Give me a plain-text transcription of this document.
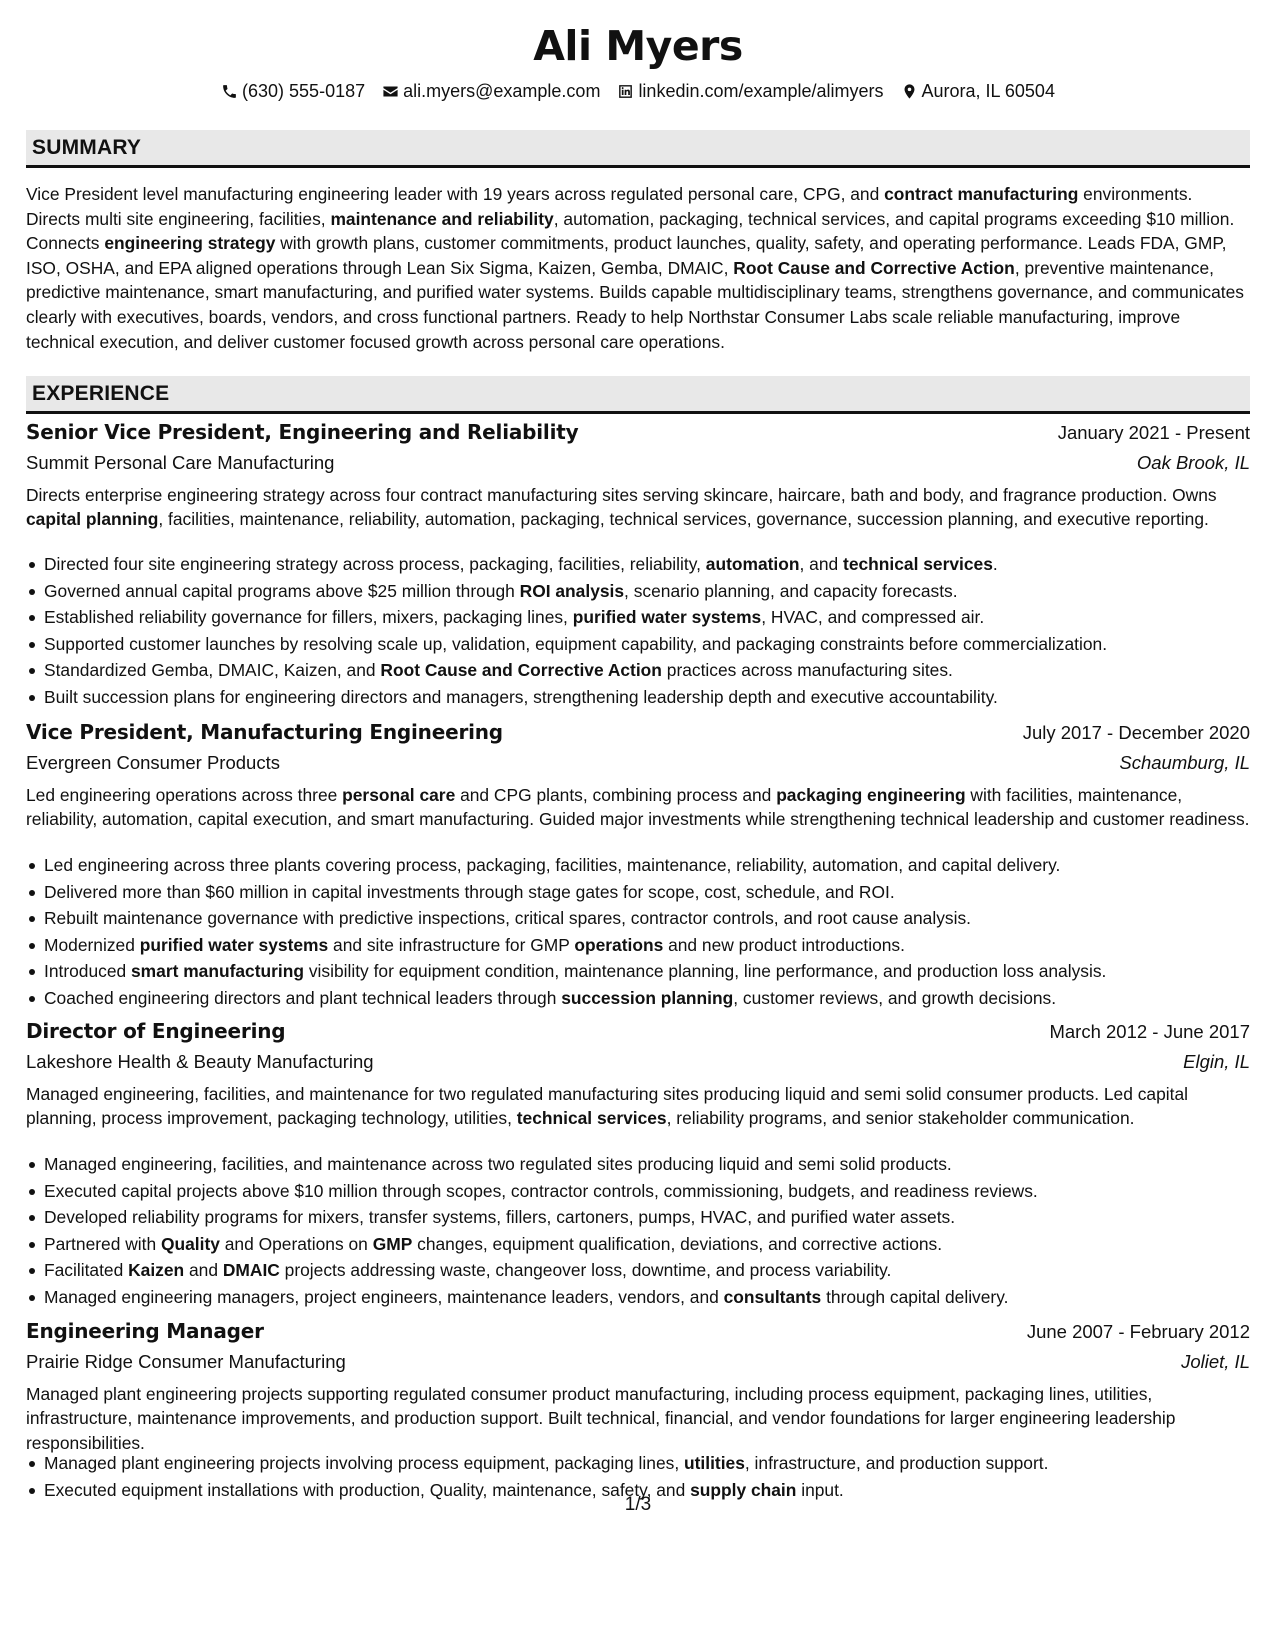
Ali Myers
(630) 555-0187 ali.myers@example.com linkedin.com/example/alimyers Aurora, IL 60504
SUMMARY

Vice President level manufacturing engineering leader with 19 years across regulated personal care, CPG, and contract manufacturing environments. Directs multi site engineering, facilities, maintenance and reliability, automation, packaging, technical services, and capital programs exceeding $10 million. Connects engineering strategy with growth plans, customer commitments, product launches, quality, safety, and operating performance. Leads FDA, GMP, ISO, OSHA, and EPA aligned operations through Lean Six Sigma, Kaizen, Gemba, DMAIC, Root Cause and Corrective Action, preventive maintenance, predictive maintenance, smart manufacturing, and purified water systems. Builds capable multidisciplinary teams, strengthens governance, and communicates clearly with executives, boards, vendors, and cross functional partners. Ready to help Northstar Consumer Labs scale reliable manufacturing, improve technical execution, and deliver customer focused growth across personal care operations.

EXPERIENCE
Senior Vice President, Engineering and Reliability	January 2021 - Present
Summit Personal Care Manufacturing	Oak Brook, IL

Directs enterprise engineering strategy across four contract manufacturing sites serving skincare, haircare, bath and body, and fragrance production. Owns capital planning, facilities, maintenance, reliability, automation, packaging, technical services, governance, succession planning, and executive reporting.

Directed four site engineering strategy across process, packaging, facilities, reliability, automation, and technical services.
Governed annual capital programs above $25 million through ROI analysis, scenario planning, and capacity forecasts.
Established reliability governance for fillers, mixers, packaging lines, purified water systems, HVAC, and compressed air.
Supported customer launches by resolving scale up, validation, equipment capability, and packaging constraints before commercialization.
Standardized Gemba, DMAIC, Kaizen, and Root Cause and Corrective Action practices across manufacturing sites.
Built succession plans for engineering directors and managers, strengthening leadership depth and executive accountability.
Vice President, Manufacturing Engineering	July 2017 - December 2020
Evergreen Consumer Products	Schaumburg, IL

Led engineering operations across three personal care and CPG plants, combining process and packaging engineering with facilities, maintenance, reliability, automation, capital execution, and smart manufacturing. Guided major investments while strengthening technical leadership and customer readiness.

Led engineering across three plants covering process, packaging, facilities, maintenance, reliability, automation, and capital delivery.
Delivered more than $60 million in capital investments through stage gates for scope, cost, schedule, and ROI.
Rebuilt maintenance governance with predictive inspections, critical spares, contractor controls, and root cause analysis.
Modernized purified water systems and site infrastructure for GMP operations and new product introductions.
Introduced smart manufacturing visibility for equipment condition, maintenance planning, line performance, and production loss analysis.
Coached engineering directors and plant technical leaders through succession planning, customer reviews, and growth decisions.
Director of Engineering	March 2012 - June 2017
Lakeshore Health & Beauty Manufacturing	Elgin, IL

Managed engineering, facilities, and maintenance for two regulated manufacturing sites producing liquid and semi solid consumer products. Led capital planning, process improvement, packaging technology, utilities, technical services, reliability programs, and senior stakeholder communication.

Managed engineering, facilities, and maintenance across two regulated sites producing liquid and semi solid products.
Executed capital projects above $10 million through scopes, contractor controls, commissioning, budgets, and readiness reviews.
Developed reliability programs for mixers, transfer systems, fillers, cartoners, pumps, HVAC, and purified water assets.
Partnered with Quality and Operations on GMP changes, equipment qualification, deviations, and corrective actions.
Facilitated Kaizen and DMAIC projects addressing waste, changeover loss, downtime, and process variability.
Managed engineering managers, project engineers, maintenance leaders, vendors, and consultants through capital delivery.
Engineering Manager	June 2007 - February 2012
Prairie Ridge Consumer Manufacturing	Joliet, IL

Managed plant engineering projects supporting regulated consumer product manufacturing, including process equipment, packaging lines, utilities, infrastructure, maintenance improvements, and production support. Built technical, financial, and vendor foundations for larger engineering leadership responsibilities.

Managed plant engineering projects involving process equipment, packaging lines, utilities, infrastructure, and production support.
Executed equipment installations with production, Quality, maintenance, safety, and supply chain input.
1/3
